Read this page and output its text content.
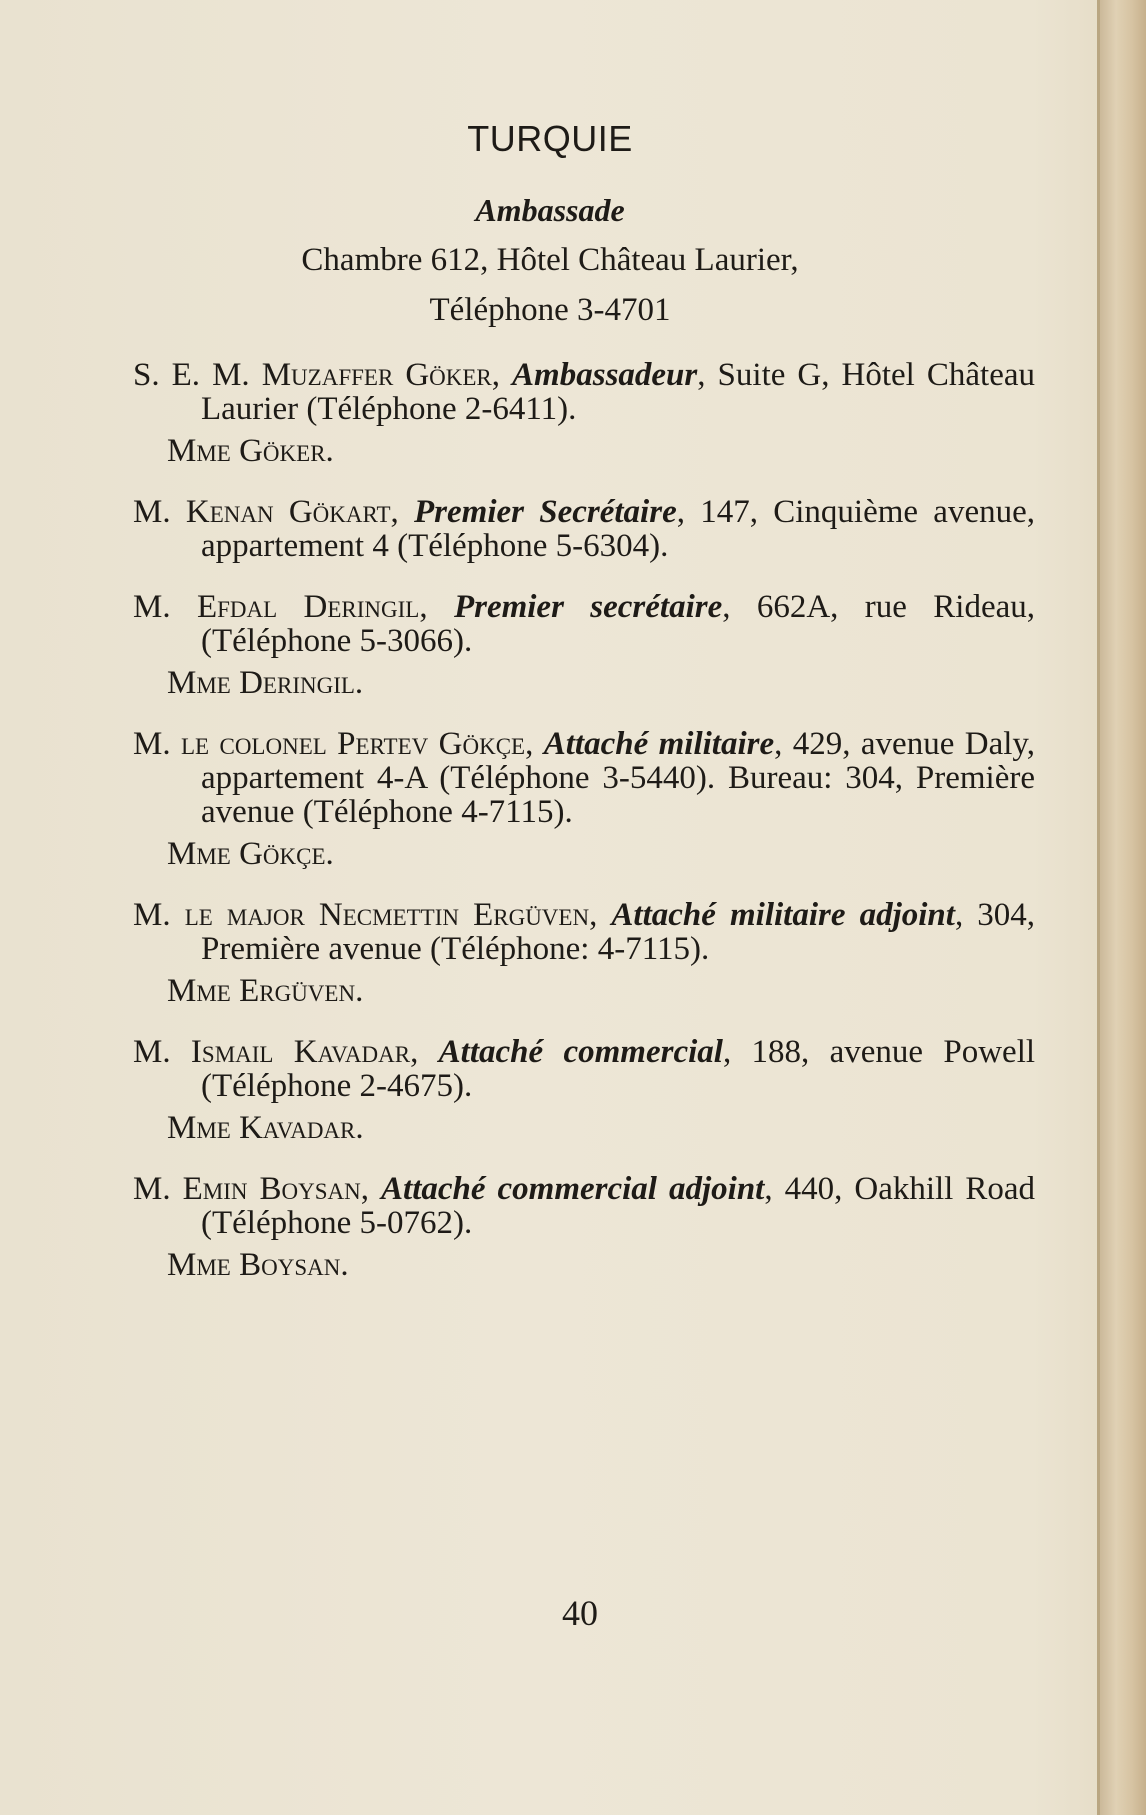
TURQUIE
Ambassade
Chambre 612, Hôtel Château Laurier,
Téléphone 3-4701
S. E. M. Muzaffer Göker, Ambassadeur, Suite G, Hôtel Château Laurier (Téléphone 2-6411).
Mme Göker.
M. Kenan Gökart, Premier Secrétaire, 147, Cinquième avenue, appartement 4 (Téléphone 5-6304).
M. Efdal Deringil, Premier secrétaire, 662A, rue Rideau, (Téléphone 5-3066).
Mme Deringil.
M. le colonel Pertev Gökçe, Attaché militaire, 429, avenue Daly, appartement 4-A (Téléphone 3-5440). Bureau: 304, Première avenue (Téléphone 4-7115).
Mme Gökçe.
M. le major Necmettin Ergüven, Attaché militaire adjoint, 304, Première avenue (Téléphone: 4-7115).
Mme Ergüven.
M. Ismail Kavadar, Attaché commercial, 188, avenue Powell (Téléphone 2-4675).
Mme Kavadar.
M. Emin Boysan, Attaché commercial adjoint, 440, Oakhill Road (Téléphone 5-0762).
Mme Boysan.
40
